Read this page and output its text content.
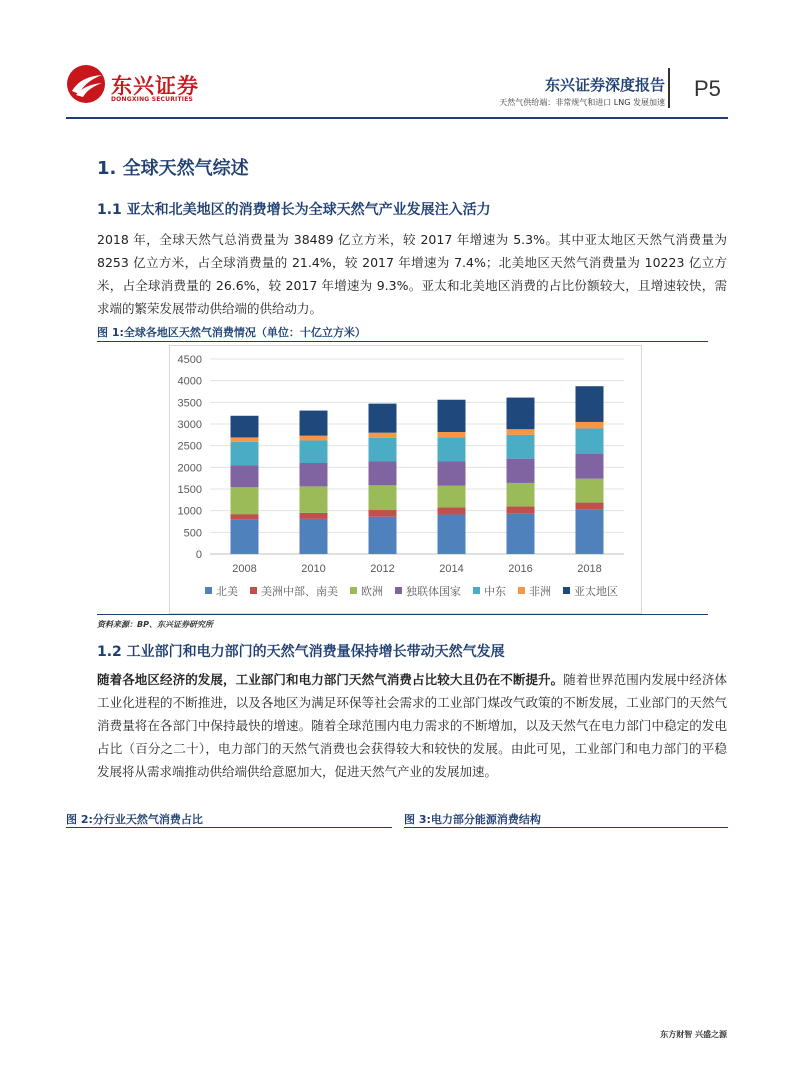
东兴证券
DONGXING SECURITIES
东兴证券深度报告
天然气供给端：非常规气和进口 LNG 发展加速
P5
1. 全球天然气综述
1.1 亚太和北美地区的消费增长为全球天然气产业发展注入活力
2018 年，全球天然气总消费量为 38489 亿立方米，较 2017 年增速为 5.3%。其中亚太地区天然气消费量为 8253 亿立方米，占全球消费量的 21.4%，较 2017 年增速为 7.4%；北美地区天然气消费量为 10223 亿立方米，占全球消费量的 26.6%，较 2017 年增速为 9.3%。亚太和北美地区消费的占比份额较大，且增速较快，需求端的繁荣发展带动供给端的供给动力。
图 1:全球各地区天然气消费情况（单位：十亿立方米）
0
500
1000
1500
2000
2500
3000
3500
4000
4500
2008	2010	2012	2014	2016	2018
北美 美洲中部、南美 欧洲 独联体国家 中东 非洲 亚太地区
资料来源：BP、东兴证券研究所
1.2 工业部门和电力部门的天然气消费量保持增长带动天然气发展
随着各地区经济的发展，工业部门和电力部门天然气消费占比较大且仍在不断提升。随着世界范围内发展中经济体工业化进程的不断推进，以及各地区为满足环保等社会需求的工业部门煤改气政策的不断发展，工业部门的天然气消费量将在各部门中保持最快的增速。随着全球范围内电力需求的不断增加，以及天然气在电力部门中稳定的发电占比（百分之二十），电力部门的天然气消费也会获得较大和较快的发展。由此可见，工业部门和电力部门的平稳发展将从需求端推动供给端供给意愿加大，促进天然气产业的发展加速。
图 2:分行业天然气消费占比	图 3:电力部分能源消费结构
东方财智 兴盛之源
